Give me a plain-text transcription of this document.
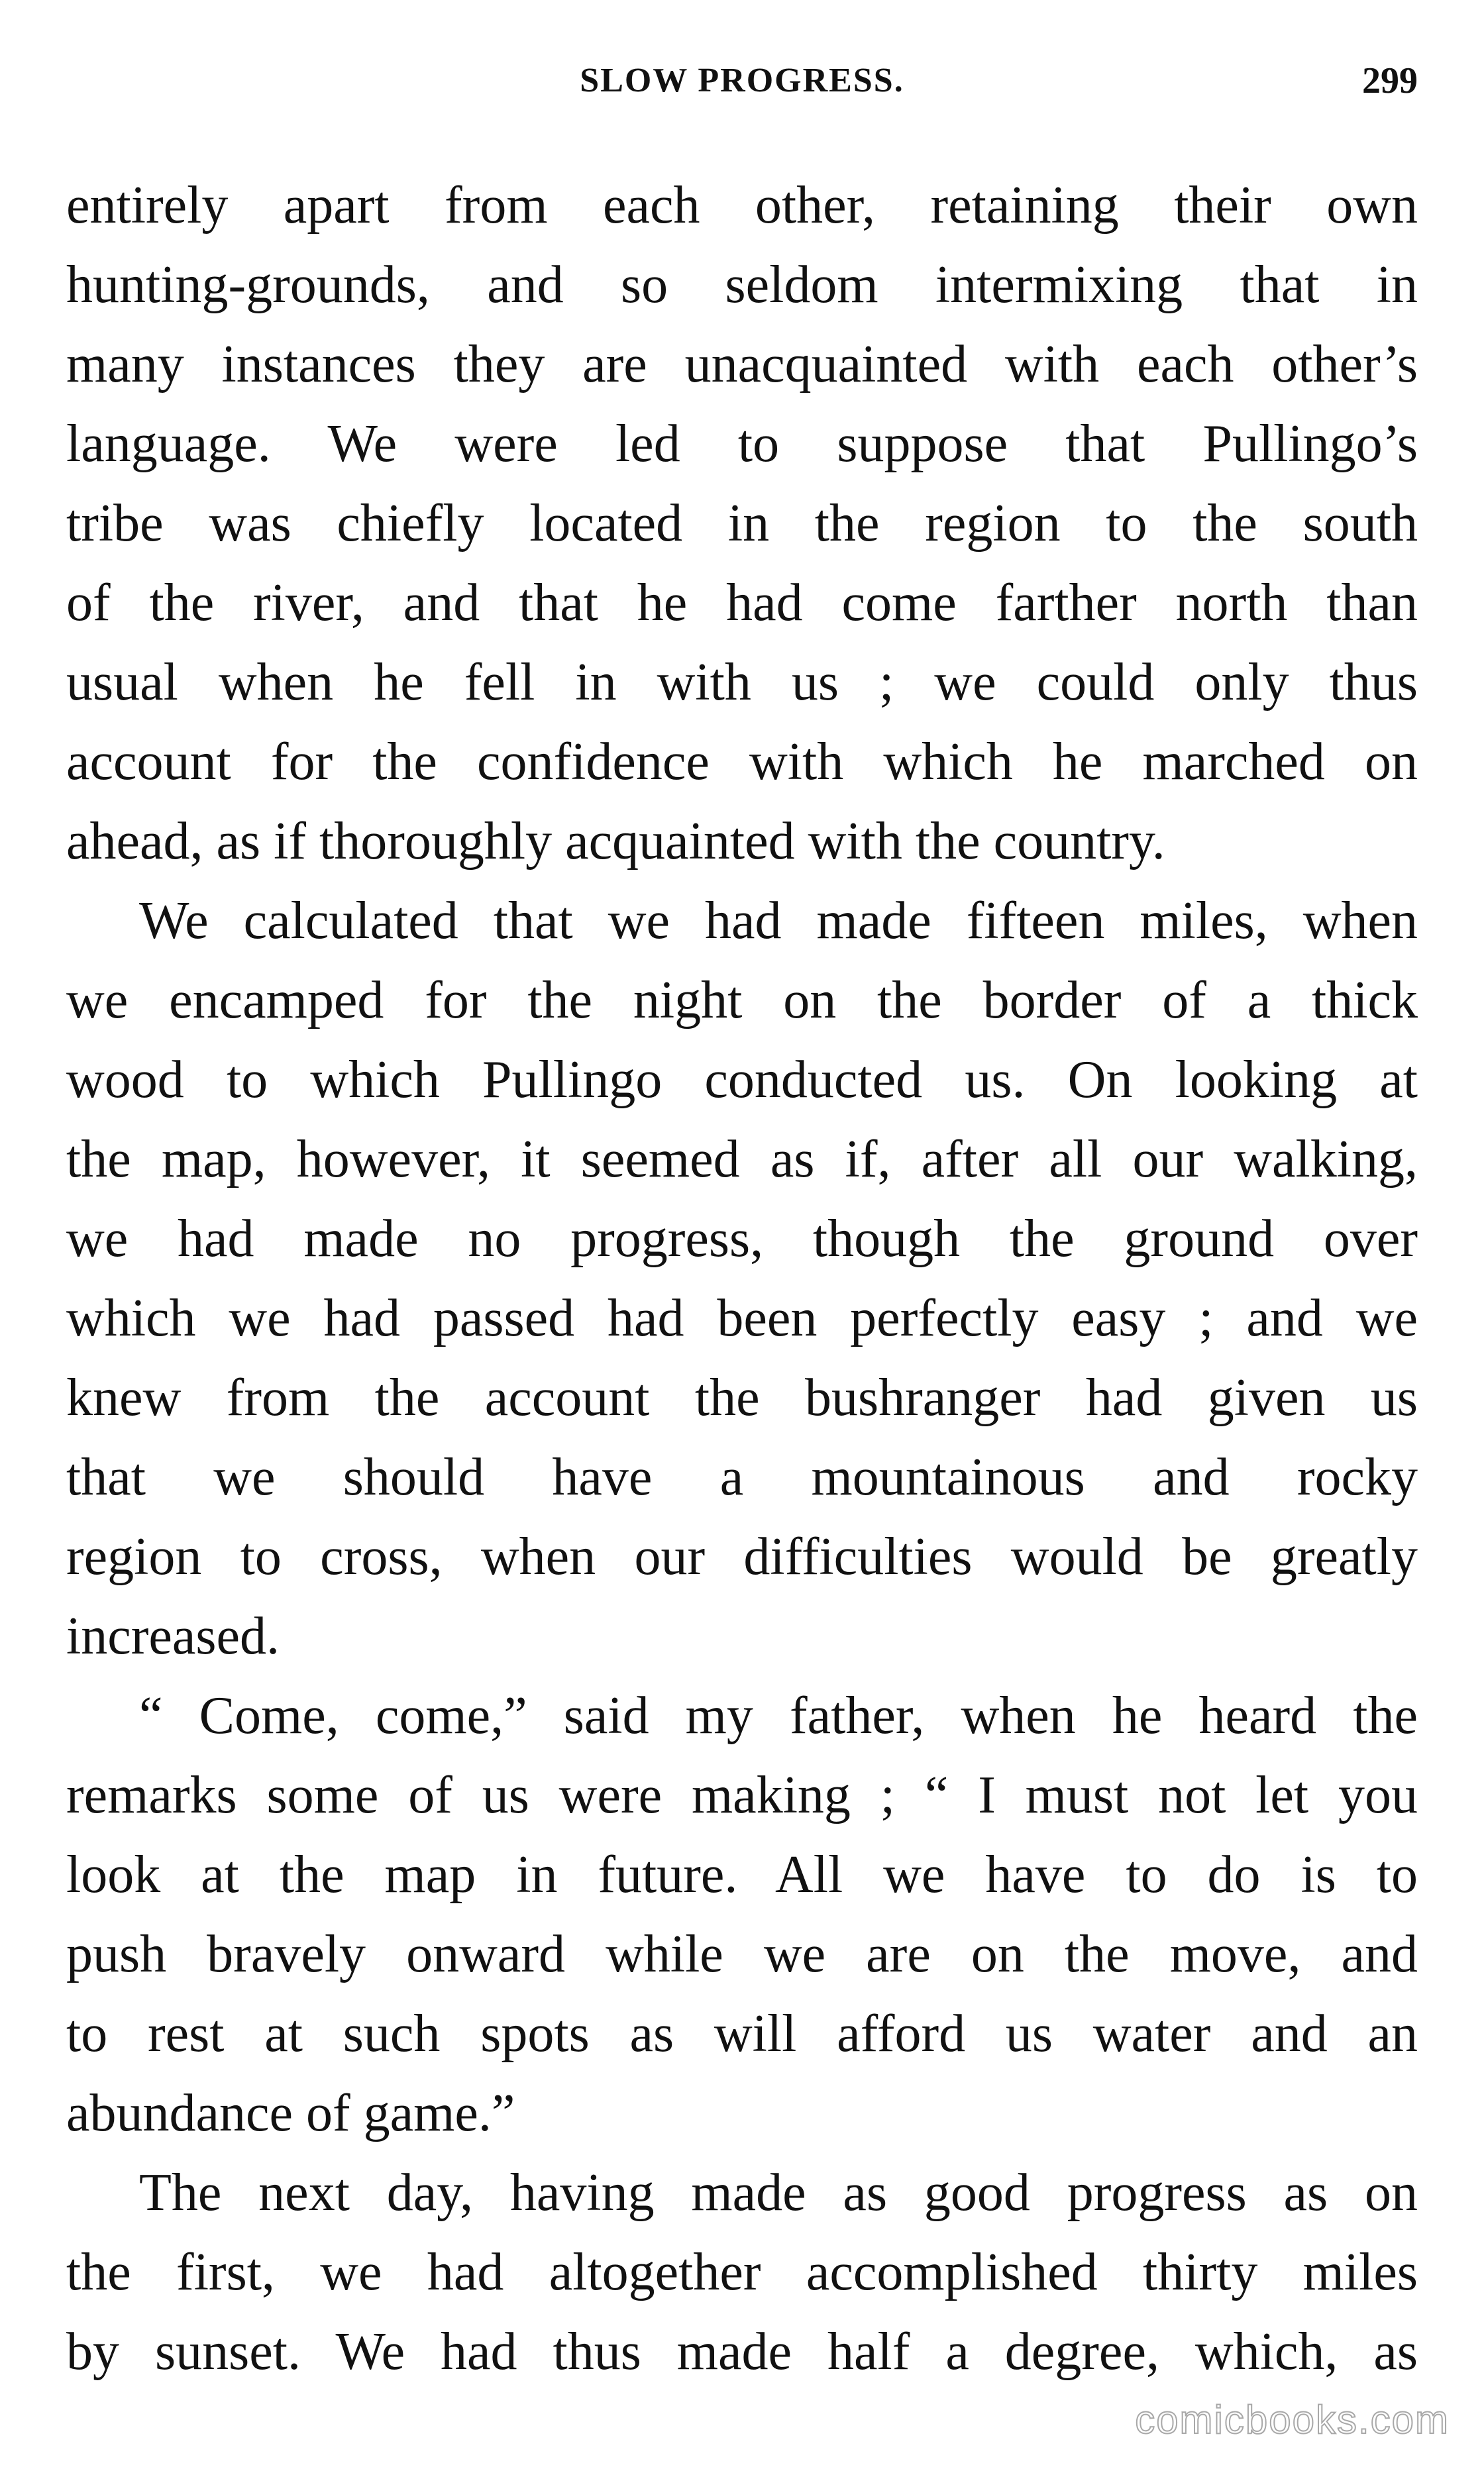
SLOW PROGRESS.	299
entirely apart from each other, retaining their own
hunting-grounds, and so seldom intermixing that in
many instances they are unacquainted with each other’s
language. We were led to suppose that Pullingo’s
tribe was chiefly located in the region to the south
of the river, and that he had come farther north than
usual when he fell in with us ; we could only thus
account for the confidence with which he marched on
ahead, as if thoroughly acquainted with the country.
We calculated that we had made fifteen miles, when
we encamped for the night on the border of a thick
wood to which Pullingo conducted us. On looking at
the map, however, it seemed as if, after all our walking,
we had made no progress, though the ground over
which we had passed had been perfectly easy ; and we
knew from the account the bushranger had given us
that we should have a mountainous and rocky
region to cross, when our difficulties would be greatly
increased.
“ Come, come,” said my father, when he heard the
remarks some of us were making ; “ I must not let you
look at the map in future. All we have to do is to
push bravely onward while we are on the move, and
to rest at such spots as will afford us water and an
abundance of game.”
The next day, having made as good progress as on
the first, we had altogether accomplished thirty miles
by sunset. We had thus made half a degree, which, as
comicbooks.com
